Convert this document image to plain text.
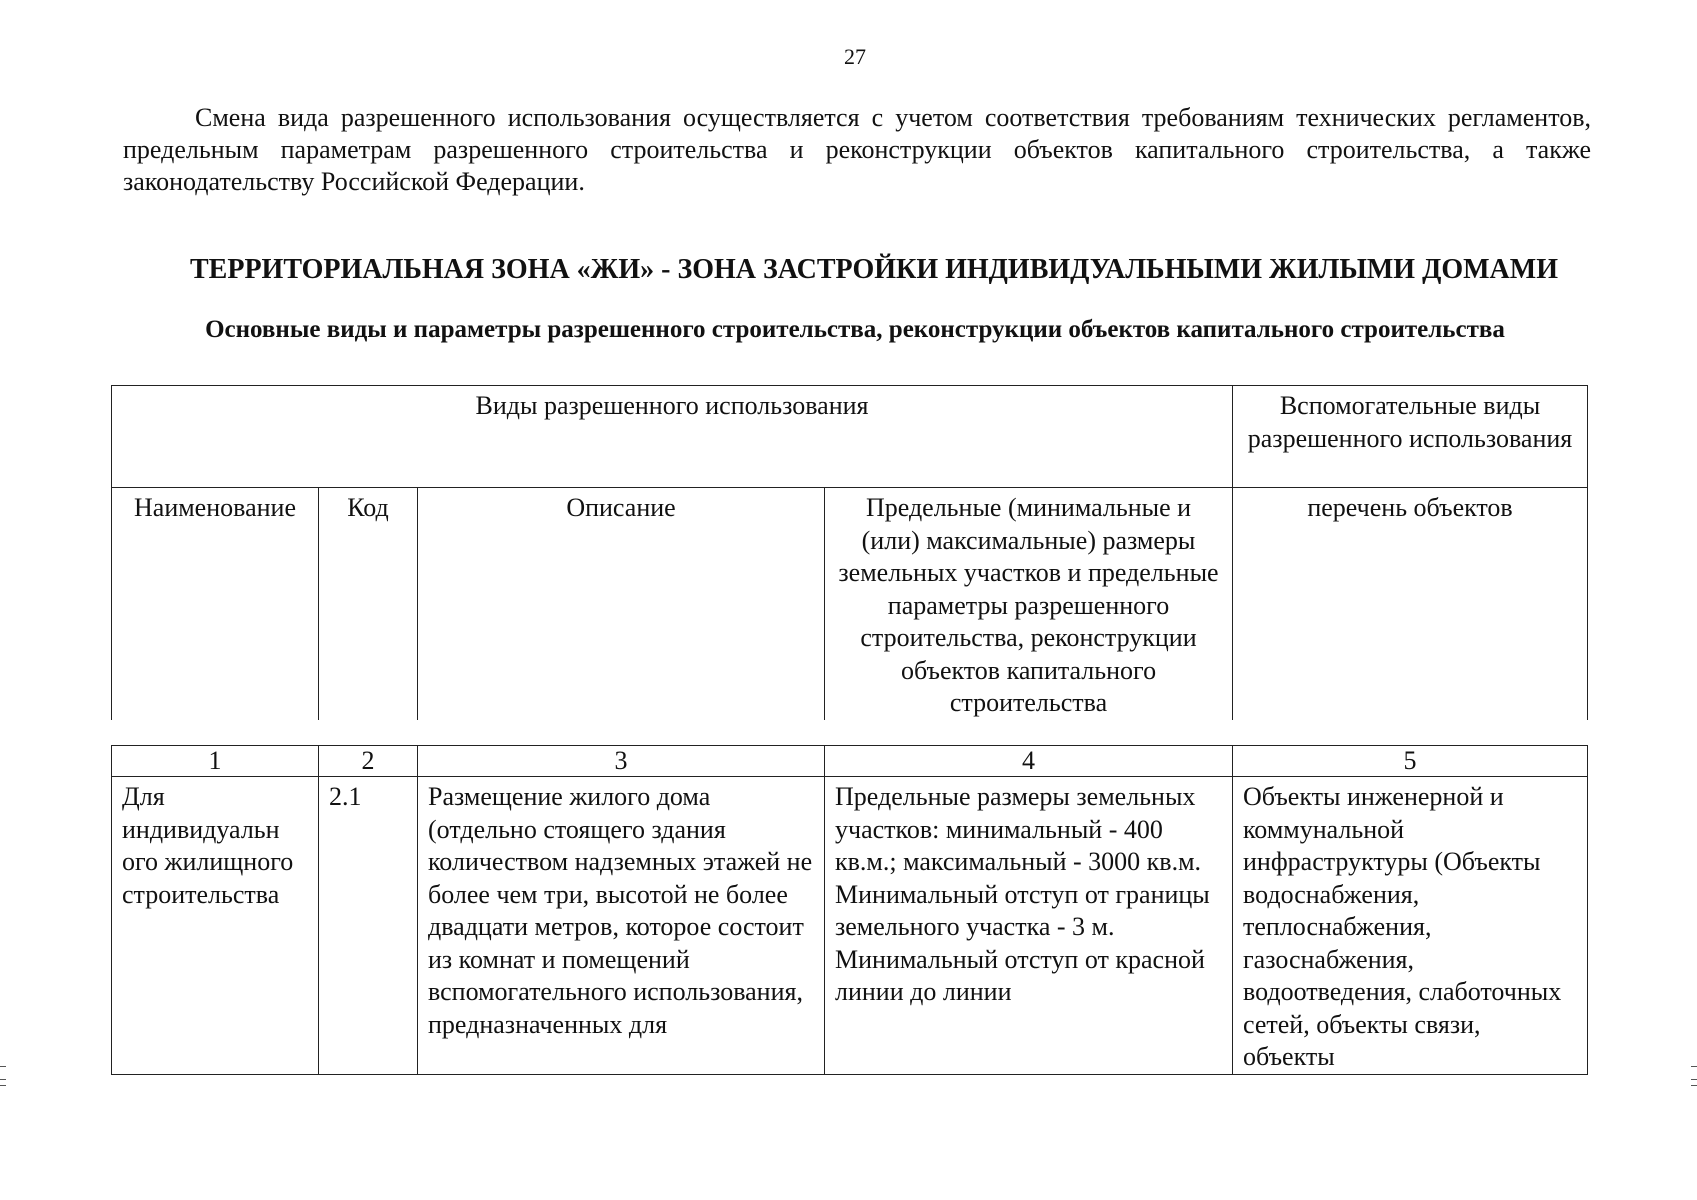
27

Смена вида разрешенного использования осуществляется с учетом соответствия требованиям технических регламентов, предельным параметрам разрешенного строительства и реконструкции объектов капитального строительства, а также законодательству Российской Федерации.

ТЕРРИТОРИАЛЬНАЯ ЗОНА «ЖИ» - ЗОНА ЗАСТРОЙКИ ИНДИВИДУАЛЬНЫМИ ЖИЛЫМИ ДОМАМИ
Основные виды и параметры разрешенного строительства, реконструкции объектов капитального строительства
Виды разрешенного использования				Вспомогательные виды разрешенного использования
Наименование	Код	Описание	Предельные (минимальные и (или) максимальные) размеры земельных участков и предельные параметры разрешенного строительства, реконструкции объектов капитального строительства	перечень объектов
1	2	3	4	5
Для индивидуальн ого жилищного строительства	2.1	Размещение жилого дома (отдельно стоящего здания количеством надземных этажей не более чем три, высотой не более двадцати метров, которое состоит из комнат и помещений вспомогательного использования, предназначенных для	Предельные размеры земельных участков: минимальный - 400 кв.м.; максимальный - 3000 кв.м. Минимальный отступ от границы земельного участка - 3 м. Минимальный отступ от красной линии до линии	Объекты инженерной и коммунальной инфраструктуры (Объекты водоснабжения, теплоснабжения, газоснабжения, водоотведения, слаботочных сетей, объекты связи, объекты
